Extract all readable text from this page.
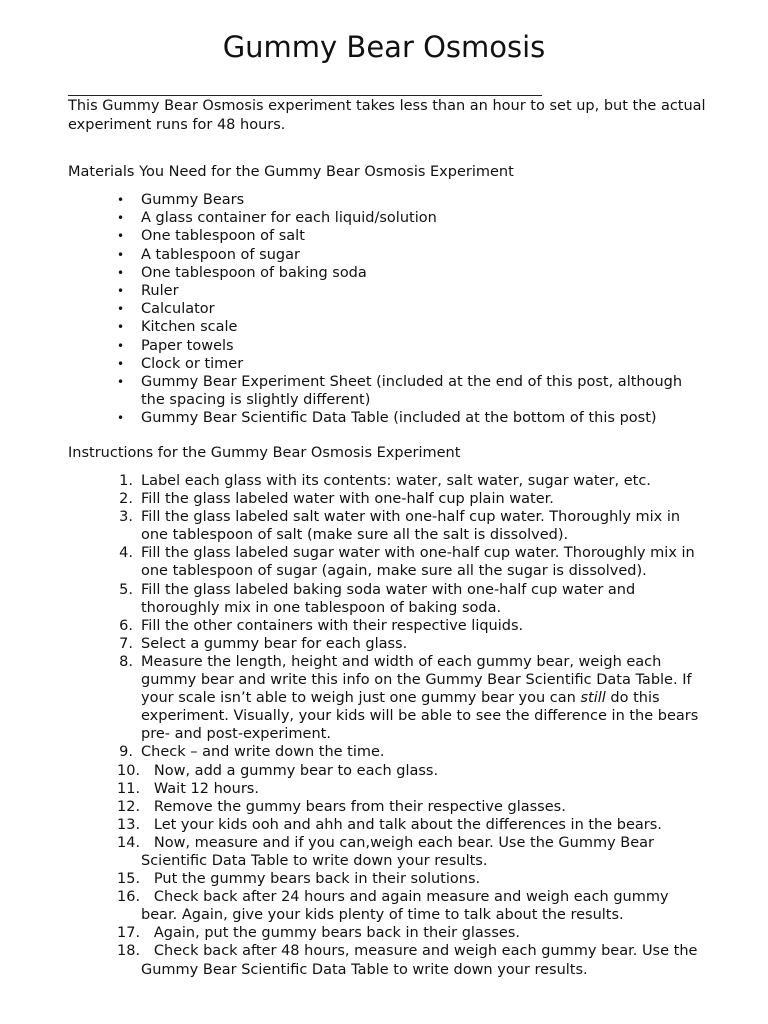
Gummy Bear Osmosis

This Gummy Bear Osmosis experiment takes less than an hour to set up, but the actual experiment runs for 48 hours.

Materials You Need for the Gummy Bear Osmosis Experiment

• Gummy Bears
• A glass container for each liquid/solution
• One tablespoon of salt
• A tablespoon of sugar
• One tablespoon of baking soda
• Ruler
• Calculator
• Kitchen scale
• Paper towels
• Clock or timer
• Gummy Bear Experiment Sheet (included at the end of this post, although the spacing is slightly different)
• Gummy Bear Scientific Data Table (included at the bottom of this post)

Instructions for the Gummy Bear Osmosis Experiment

1. Label each glass with its contents: water, salt water, sugar water, etc.
2. Fill the glass labeled water with one-half cup plain water.
3. Fill the glass labeled salt water with one-half cup water. Thoroughly mix in one tablespoon of salt (make sure all the salt is dissolved).
4. Fill the glass labeled sugar water with one-half cup water. Thoroughly mix in one tablespoon of sugar (again, make sure all the sugar is dissolved).
5. Fill the glass labeled baking soda water with one-half cup water and thoroughly mix in one tablespoon of baking soda.
6. Fill the other containers with their respective liquids.
7. Select a gummy bear for each glass.
8. Measure the length, height and width of each gummy bear, weigh each gummy bear and write this info on the Gummy Bear Scientific Data Table. If your scale isn’t able to weigh just one gummy bear you can still do this experiment. Visually, your kids will be able to see the difference in the bears pre- and post-experiment.
9. Check – and write down the time.
10. Now, add a gummy bear to each glass.
11. Wait 12 hours.
12. Remove the gummy bears from their respective glasses.
13. Let your kids ooh and ahh and talk about the differences in the bears.
14. Now, measure and if you can,weigh each bear. Use the Gummy Bear Scientific Data Table to write down your results.
15. Put the gummy bears back in their solutions.
16. Check back after 24 hours and again measure and weigh each gummy bear. Again, give your kids plenty of time to talk about the results.
17. Again, put the gummy bears back in their glasses.
18. Check back after 48 hours, measure and weigh each gummy bear. Use the Gummy Bear Scientific Data Table to write down your results.
